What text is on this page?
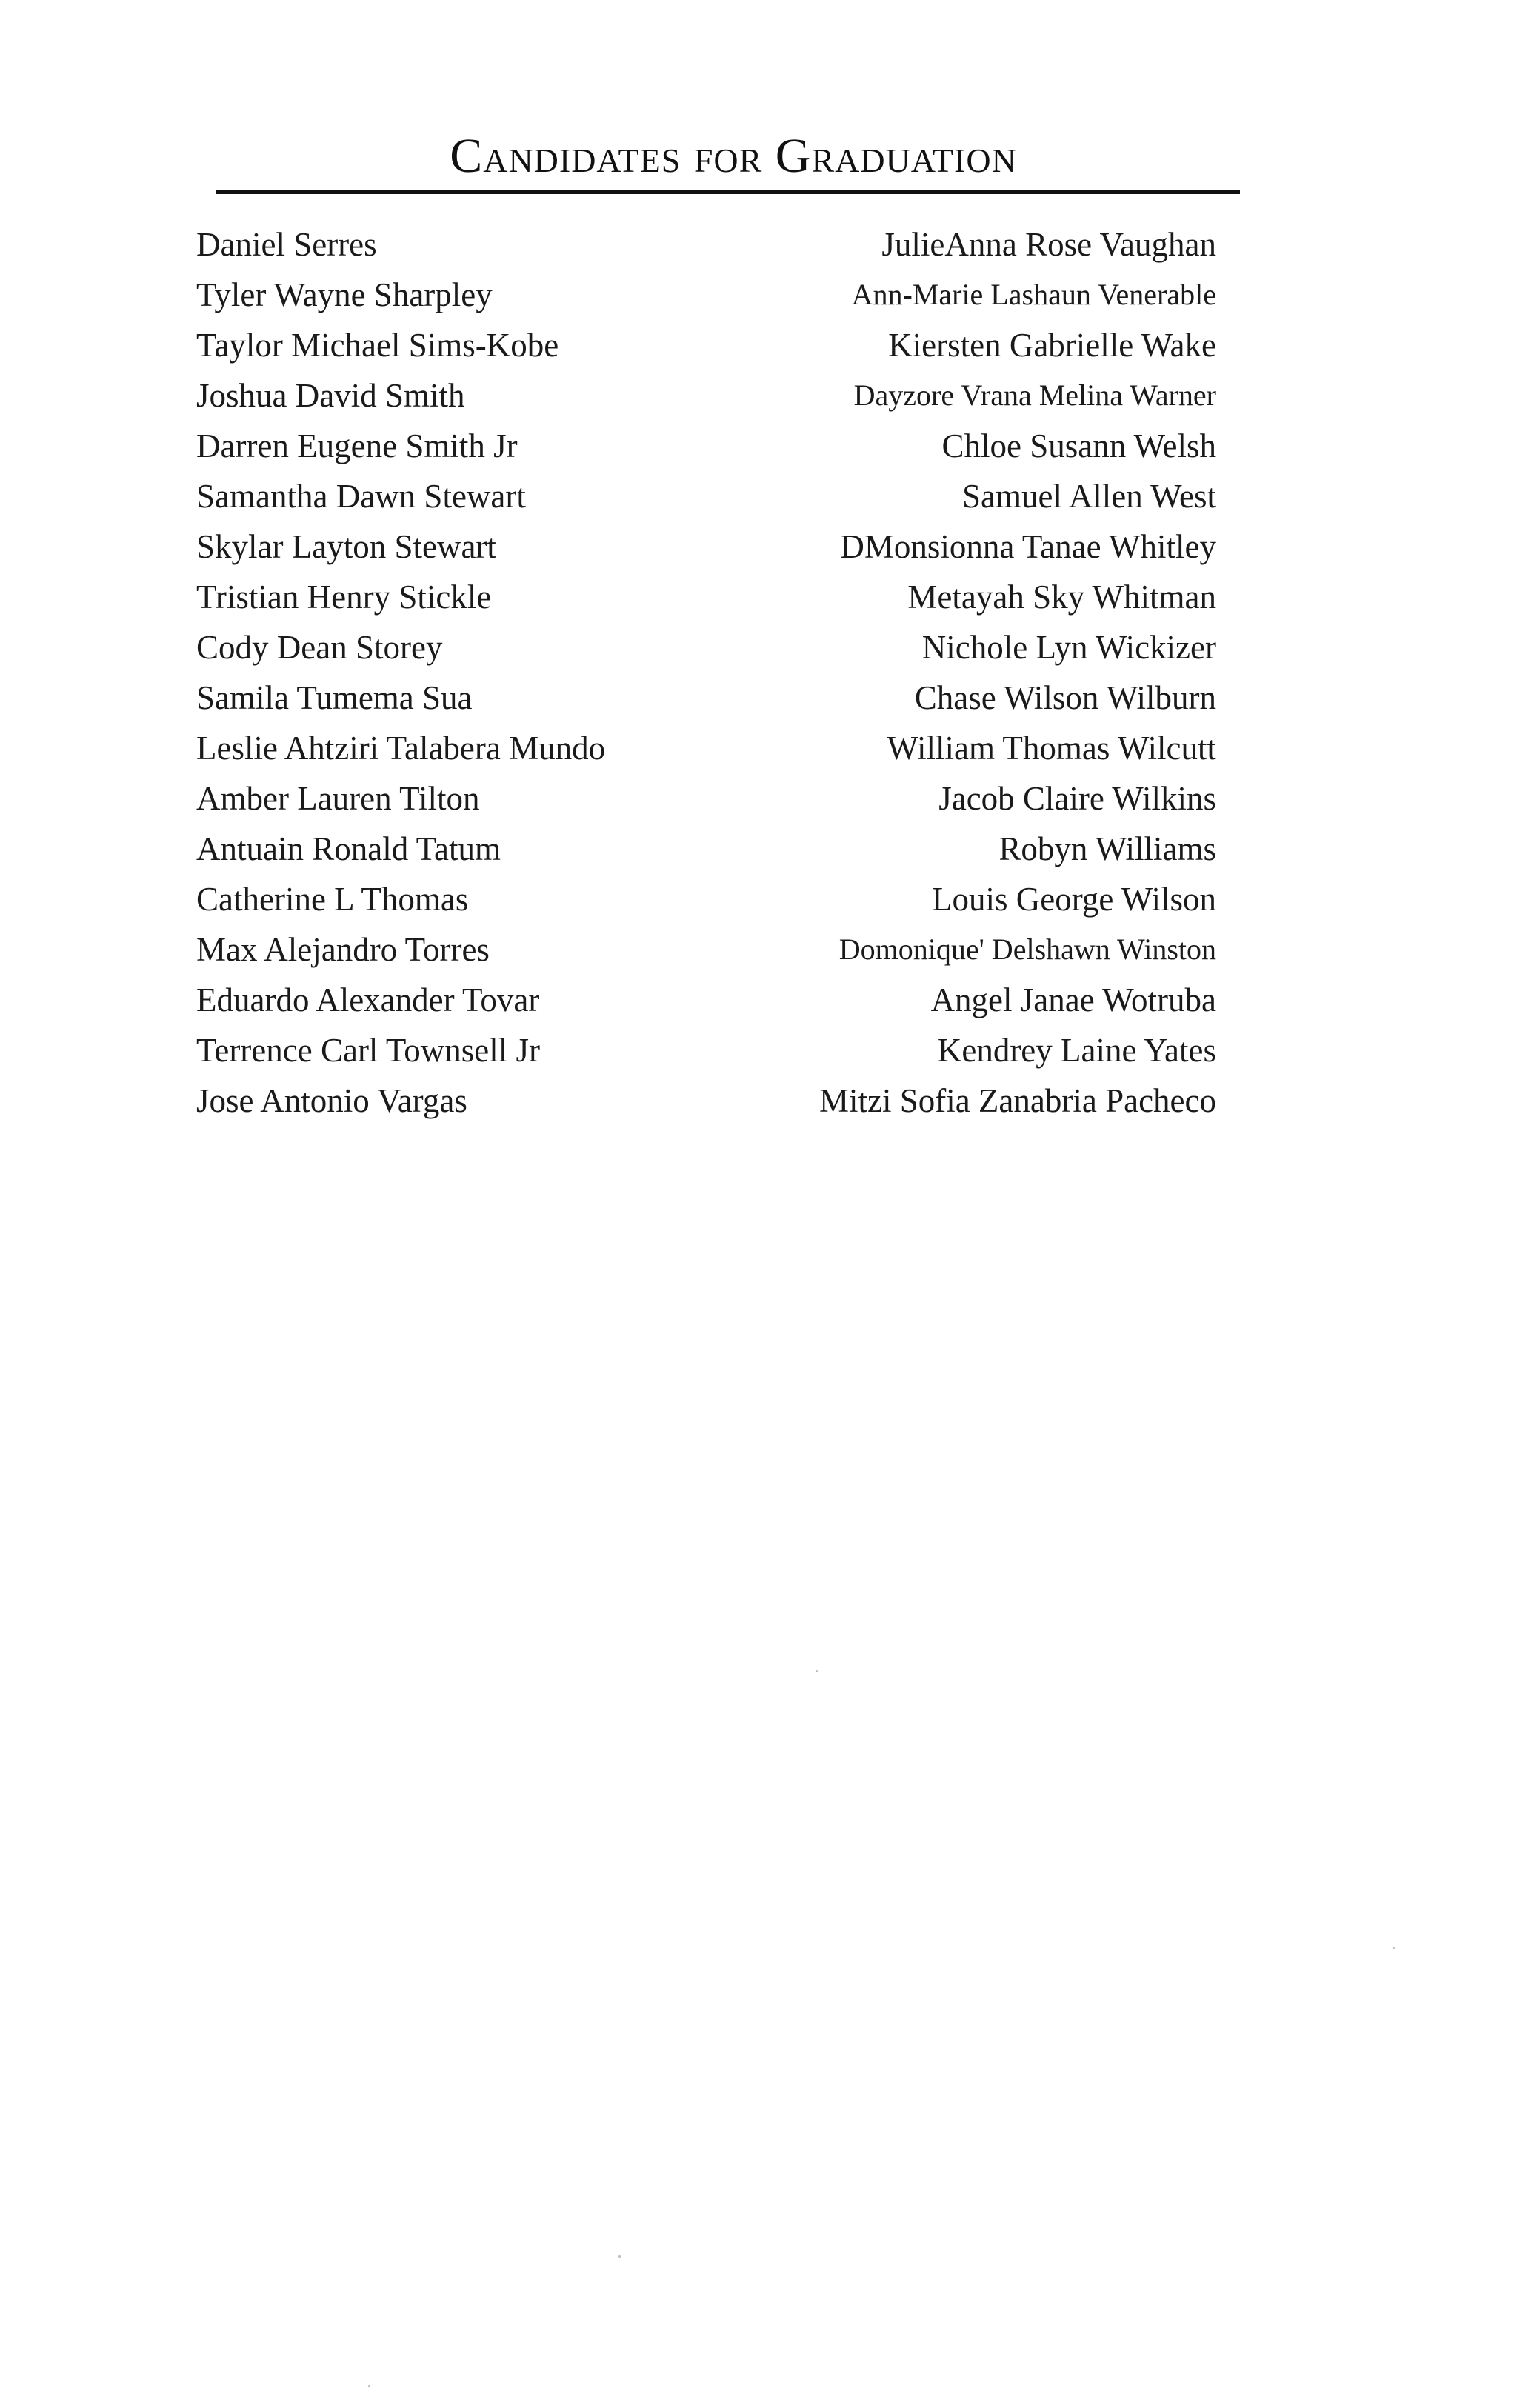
Candidates for Graduation
Daniel Serres
Tyler Wayne Sharpley
Taylor Michael Sims-Kobe
Joshua David Smith
Darren Eugene Smith Jr
Samantha Dawn Stewart
Skylar Layton Stewart
Tristian Henry Stickle
Cody Dean Storey
Samila Tumema Sua
Leslie Ahtziri Talabera Mundo
Amber Lauren Tilton
Antuain Ronald Tatum
Catherine L Thomas
Max Alejandro Torres
Eduardo Alexander Tovar
Terrence Carl Townsell Jr
Jose Antonio Vargas
JulieAnna Rose Vaughan
Ann-Marie Lashaun Venerable
Kiersten Gabrielle Wake
Dayzore Vrana Melina Warner
Chloe Susann Welsh
Samuel Allen West
DMonsionna Tanae Whitley
Metayah Sky Whitman
Nichole Lyn Wickizer
Chase Wilson Wilburn
William Thomas Wilcutt
Jacob Claire Wilkins
Robyn Williams
Louis George Wilson
Domonique' Delshawn Winston
Angel Janae Wotruba
Kendrey Laine Yates
Mitzi Sofia Zanabria Pacheco
